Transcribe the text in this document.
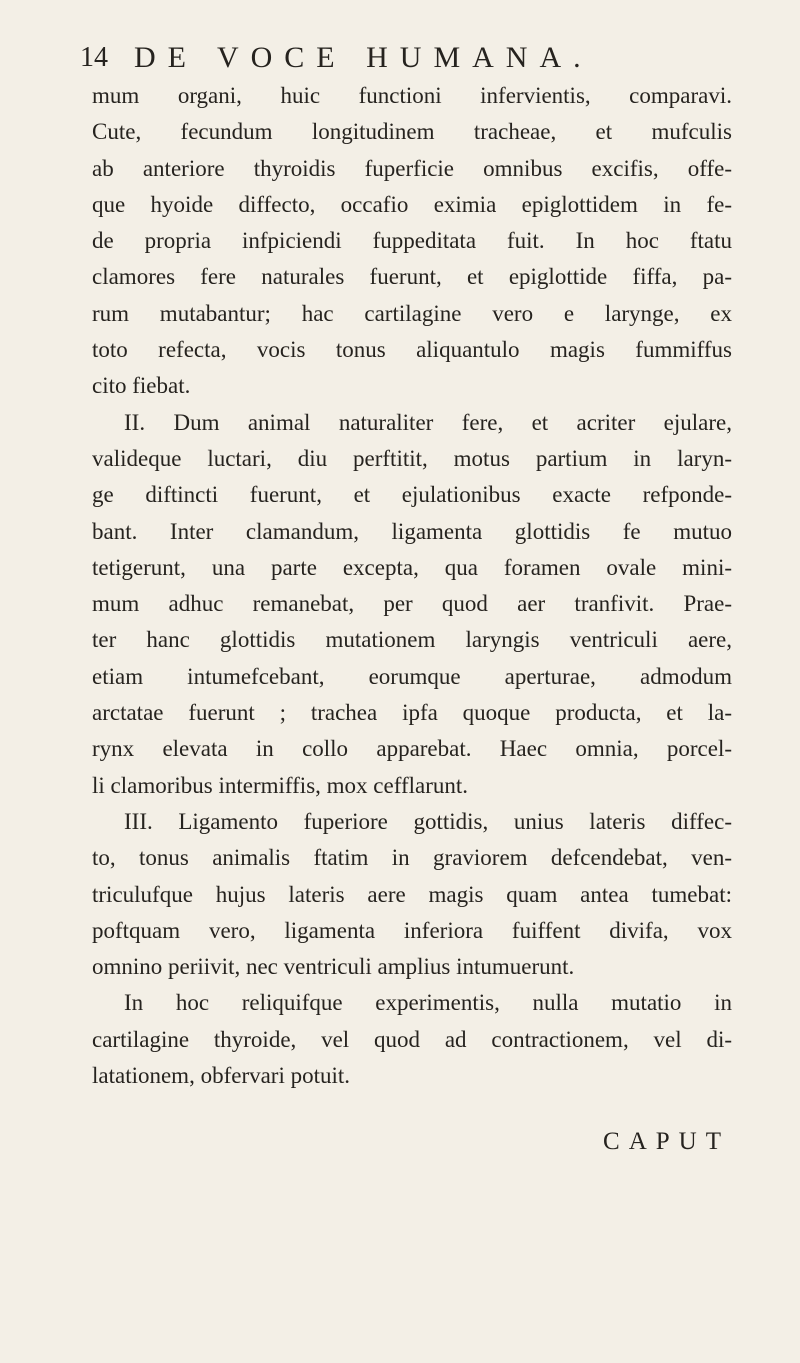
14 DE VOCE HUMANA.
mum organi, huic functioni infervientis, comparavi.
Cute, fecundum longitudinem tracheae, et mufculis
ab anteriore thyroidis fuperficie omnibus excifis, offe-
que hyoide diffecto, occafio eximia epiglottidem in fe-
de propria infpiciendi fuppeditata fuit. In hoc ftatu
clamores fere naturales fuerunt, et epiglottide fiffa, pa-
rum mutabantur; hac cartilagine vero e larynge, ex
toto refecta, vocis tonus aliquantulo magis fummiffus
cito fiebat.
II. Dum animal naturaliter fere, et acriter ejulare,
valideque luctari, diu perftitit, motus partium in laryn-
ge diftincti fuerunt, et ejulationibus exacte refponde-
bant. Inter clamandum, ligamenta glottidis fe mutuo
tetigerunt, una parte excepta, qua foramen ovale mini-
mum adhuc remanebat, per quod aer tranfivit. Prae-
ter hanc glottidis mutationem laryngis ventriculi aere,
etiam intumefcebant, eorumque aperturae, admodum
arctatae fuerunt ; trachea ipfa quoque producta, et la-
rynx elevata in collo apparebat. Haec omnia, porcel-
li clamoribus intermiffis, mox cefflarunt.
III. Ligamento fuperiore gottidis, unius lateris diffec-
to, tonus animalis ftatim in graviorem defcendebat, ven-
triculufque hujus lateris aere magis quam antea tumebat:
poftquam vero, ligamenta inferiora fuiffent divifa, vox
omnino periivit, nec ventriculi amplius intumuerunt.
In hoc reliquifque experimentis, nulla mutatio in
cartilagine thyroide, vel quod ad contractionem, vel di-
latationem, obfervari potuit.
CAPUT
